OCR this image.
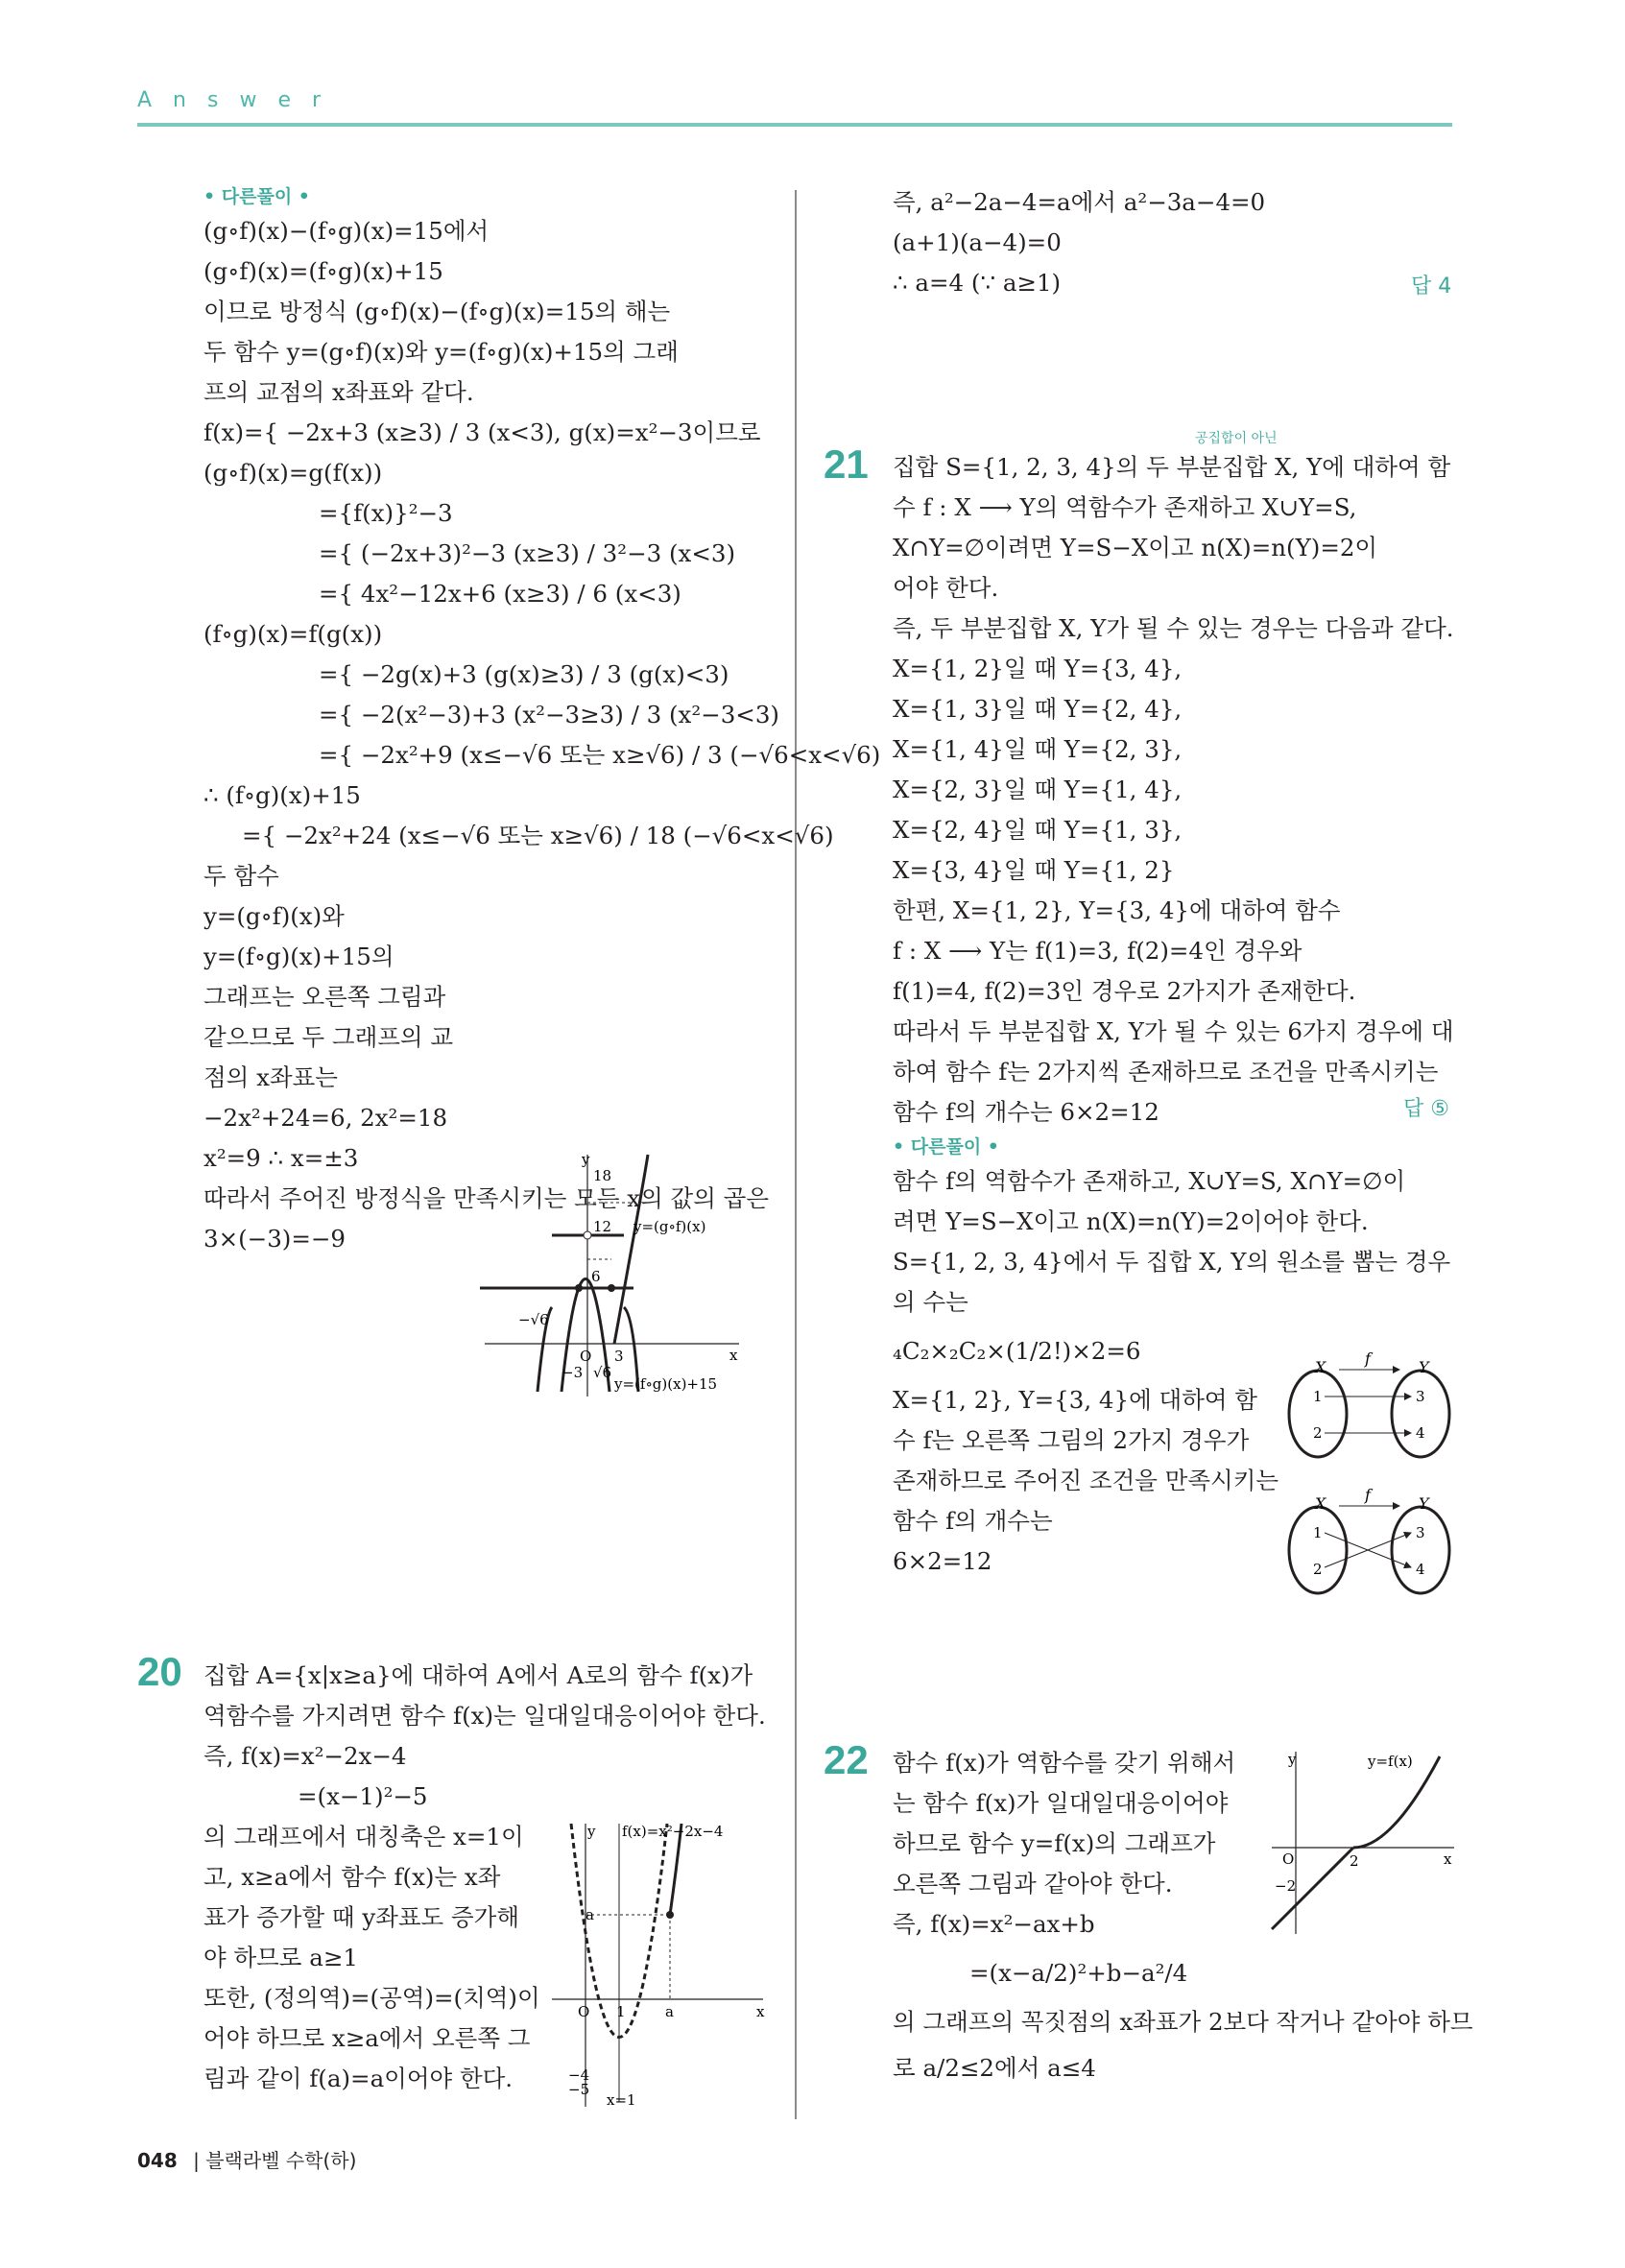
Answer

• 다른풀이 •

(g∘f)(x)−(f∘g)(x)=15에서

(g∘f)(x)=(f∘g)(x)+15

이므로 방정식 (g∘f)(x)−(f∘g)(x)=15의 해는

두 함수 y=(g∘f)(x)와 y=(f∘g)(x)+15의 그래

프의 교점의 x좌표와 같다.

f(x)={ −2x+3 (x≥3) / 3 (x<3), g(x)=x²−3이므로

(g∘f)(x)=g(f(x))

={f(x)}²−3

={ (−2x+3)²−3 (x≥3) / 3²−3 (x<3)

={ 4x²−12x+6 (x≥3) / 6 (x<3)

(f∘g)(x)=f(g(x))

={ −2g(x)+3 (g(x)≥3) / 3 (g(x)<3)

={ −2(x²−3)+3 (x²−3≥3) / 3 (x²−3<3)

={ −2x²+9 (x≤−√6 또는 x≥√6) / 3 (−√6<x<√6)

∴ (f∘g)(x)+15

={ −2x²+24 (x≤−√6 또는 x≥√6) / 18 (−√6<x<√6)

두 함수

y=(g∘f)(x)와

y=(f∘g)(x)+15의

그래프는 오른쪽 그림과

같으므로 두 그래프의 교

점의 x좌표는

−2x²+24=6, 2x²=18

x²=9 ∴ x=±3

따라서 주어진 방정식을 만족시키는 모든 x의 값의 곱은

3×(−3)=−9

y
18
12 y=(g∘f)(x)
6
−√6
O 3	x
−3 √6
y=(f∘g)(x)+15
20 집합 A={x|x≥a}에 대하여 A에서 A로의 함수 f(x)가

역함수를 가지려면 함수 f(x)는 일대일대응이어야 한다.

즉, f(x)=x²−2x−4

=(x−1)²−5

의 그래프에서 대칭축은 x=1이

고, x≥a에서 함수 f(x)는 x좌

표가 증가할 때 y좌표도 증가해

야 하므로 a≥1

또한, (정의역)=(공역)=(치역)이

어야 하므로 x≥a에서 오른쪽 그

림과 같이 f(a)=a이어야 한다.

y f(x)=x²−2x−4
a
O 1	a	x
−4
−5
x=1

즉, a²−2a−4=a에서 a²−3a−4=0

(a+1)(a−4)=0

∴ a=4 (∵ a≥1)	답 4
공집합이 아닌
21 집합 S={1, 2, 3, 4}의 두 부분집합 X, Y에 대하여 함

수 f : X ⟶ Y의 역함수가 존재하고 X∪Y=S,

X∩Y=∅이려면 Y=S−X이고 n(X)=n(Y)=2이

어야 한다.

즉, 두 부분집합 X, Y가 될 수 있는 경우는 다음과 같다.

X={1, 2}일 때 Y={3, 4},

X={1, 3}일 때 Y={2, 4},

X={1, 4}일 때 Y={2, 3},

X={2, 3}일 때 Y={1, 4},

X={2, 4}일 때 Y={1, 3},

X={3, 4}일 때 Y={1, 2}

한편, X={1, 2}, Y={3, 4}에 대하여 함수

f : X ⟶ Y는 f(1)=3, f(2)=4인 경우와

f(1)=4, f(2)=3인 경우로 2가지가 존재한다.

따라서 두 부분집합 X, Y가 될 수 있는 6가지 경우에 대

하여 함수 f는 2가지씩 존재하므로 조건을 만족시키는

함수 f의 개수는 6×2=12

• 다른풀이 •

함수 f의 역함수가 존재하고, X∪Y=S, X∩Y=∅이

려면 Y=S−X이고 n(X)=n(Y)=2이어야 한다.

S={1, 2, 3, 4}에서 두 집합 X, Y의 원소를 뽑는 경우

의 수는

₄C₂×₂C₂×(1/2!)×2=6

X={1, 2}, Y={3, 4}에 대하여 함

수 f는 오른쪽 그림의 2가지 경우가

존재하므로 주어진 조건을 만족시키는

함수 f의 개수는

6×2=12

답 ⑤
X	Y
f
1
2
3
4
X	Y
f
1
2
3
4
22 함수 f(x)가 역함수를 갖기 위해서

는 함수 f(x)가 일대일대응이어야

하므로 함수 y=f(x)의 그래프가

오른쪽 그림과 같아야 한다.

즉, f(x)=x²−ax+b

=(x−a/2)²+b−a²/4

의 그래프의 꼭짓점의 x좌표가 2보다 작거나 같아야 하므

로 a/2≤2에서 a≤4

y	y=f(x)
O	2	x
−2
048 | 블랙라벨 수학(하)
